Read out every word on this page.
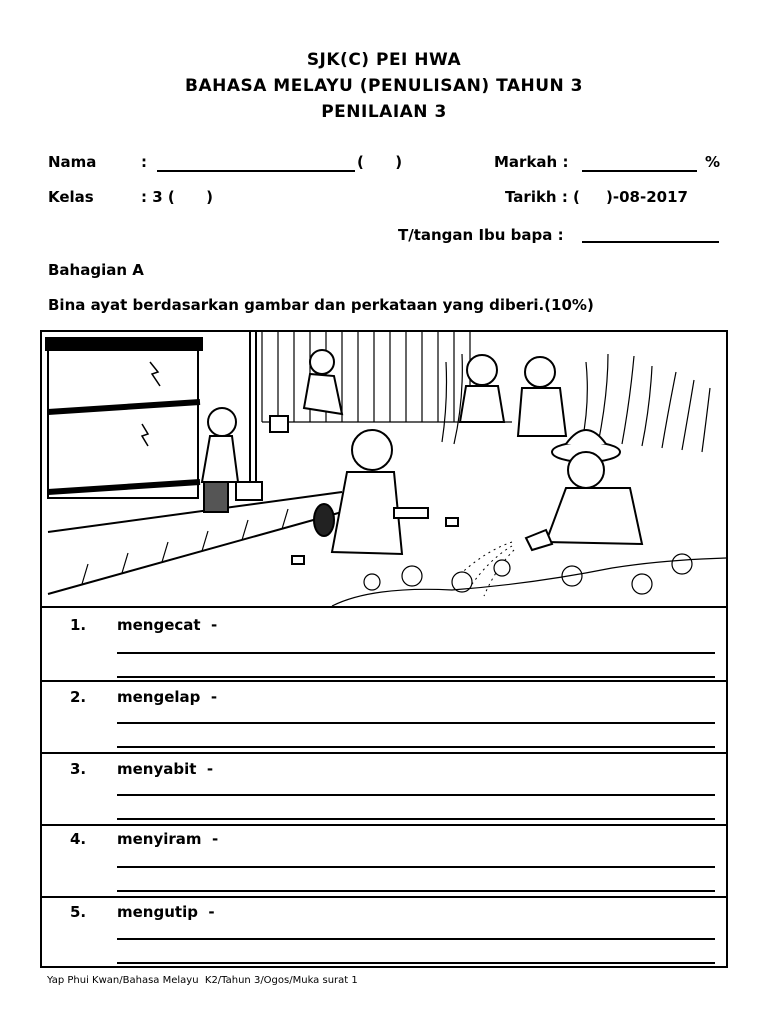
SJK(C) PEI HWA
BAHASA MELAYU (PENULISAN) TAHUN 3
PENILAIAN 3
Nama	:	(      )	Markah :	%
Kelas	: 3 (      )	Tarikh : (     )-08-2017
T/tangan Ibu bapa :
Bahagian A
Bina ayat berdasarkan gambar dan perkataan yang diberi.(10%)
1. mengecat  -
2. mengelap  -
3. menyabit  -
4. menyiram  -
5. mengutip  -
Yap Phui Kwan/Bahasa Melayu  K2/Tahun 3/Ogos/Muka surat 1
